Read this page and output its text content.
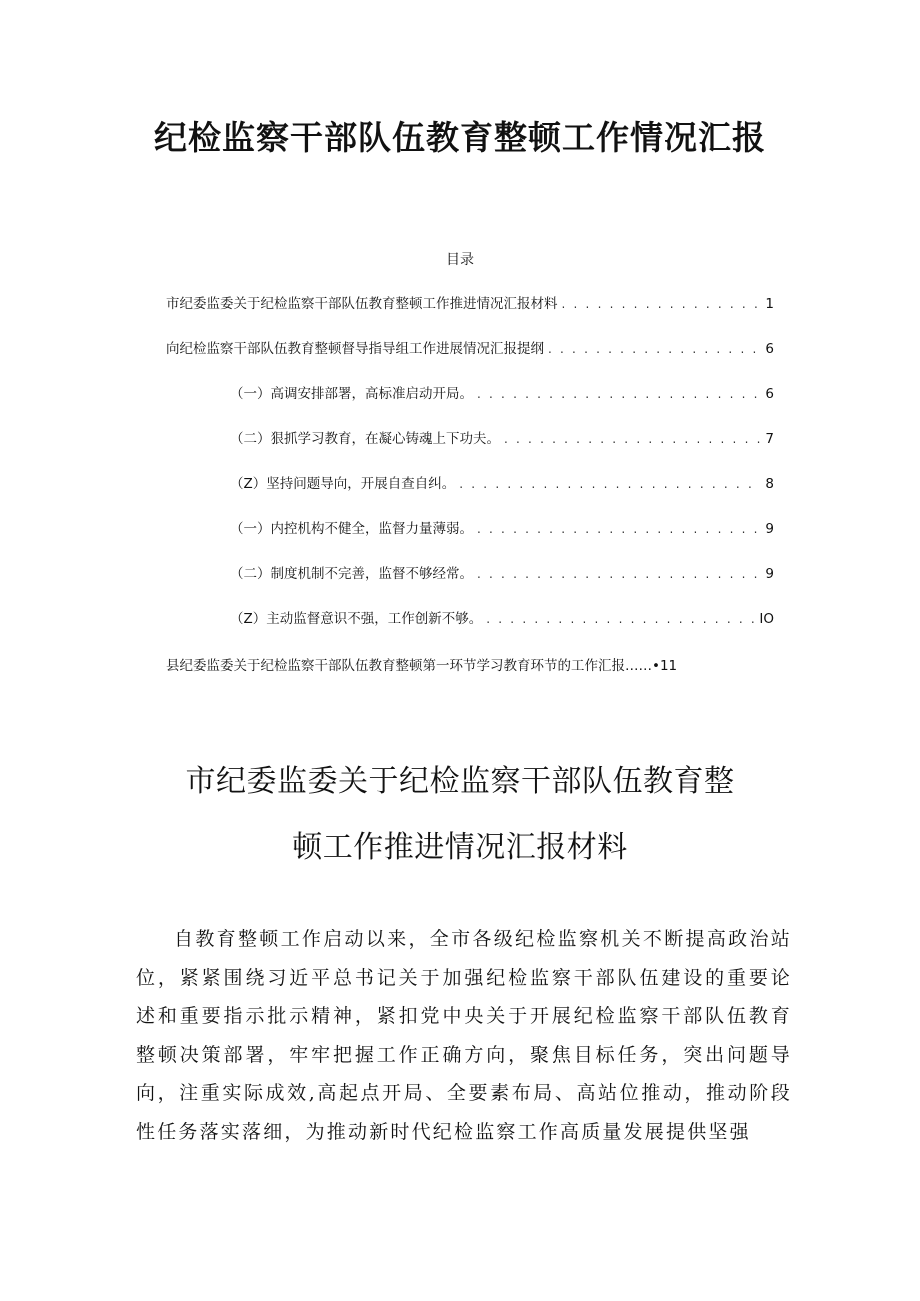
纪检监察干部队伍教育整顿工作情况汇报
目录
市纪委监委关于纪检监察干部队伍教育整顿工作推进情况汇报材料 . . .	1
向纪检监察干部队伍教育整顿督导指导组工作进展情况汇报提纲 . . .	6
（一）高调安排部署，高标准启动开局。 . . .	6
（二）狠抓学习教育，在凝心铸魂上下功夫。 . . .	7
（Z）坚持问题导向，开展自查自纠。 . . .	8
（一）内控机构不健全，监督力量薄弱。 . . .	9
（二）制度机制不完善，监督不够经常。 . . .	9
（Z）主动监督意识不强，工作创新不够。 . . .	IO
县纪委监委关于纪检监察干部队伍教育整顿第一环节学习教育环节的工作汇报……•11
市纪委监委关于纪检监察干部队伍教育整
顿工作推进情况汇报材料

自教育整顿工作启动以来，全市各级纪检监察机关不断提高政治站位，紧紧围绕习近平总书记关于加强纪检监察干部队伍建设的重要论述和重要指示批示精神，紧扣党中央关于开展纪检监察干部队伍教育整顿决策部署，牢牢把握工作正确方向，聚焦目标任务，突出问题导向，注重实际成效,高起点开局、全要素布局、高站位推动，推动阶段性任务落实落细，为推动新时代纪检监察工作高质量发展提供坚强
